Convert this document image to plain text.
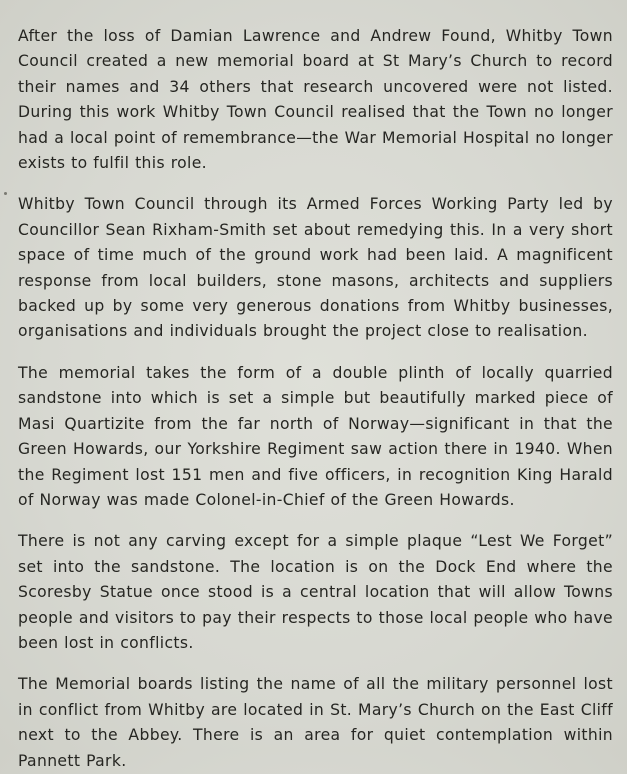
After the loss of Damian Lawrence and Andrew Found, Whitby Town Council created a new memorial board at St Mary’s Church to record their names and 34 others that research uncovered were not listed. During this work Whitby Town Council realised that the Town no longer had a local point of remembrance—the War Memorial Hospital no longer exists to fulfil this role.

Whitby Town Council through its Armed Forces Working Party led by Councillor Sean Rixham-Smith set about remedying this. In a very short space of time much of the ground work had been laid. A magnificent response from local builders, stone masons, architects and suppliers backed up by some very generous donations from Whitby businesses, organisations and individuals brought the project close to realisation.

The memorial takes the form of a double plinth of locally quarried sandstone into which is set a simple but beautifully marked piece of Masi Quartizite from the far north of Norway—significant in that the Green Howards, our Yorkshire Regiment saw action there in 1940. When the Regiment lost 151 men and five officers, in recognition King Harald of Norway was made Colonel-in-Chief of the Green Howards.

There is not any carving except for a simple plaque “Lest We Forget” set into the sandstone. The location is on the Dock End where the Scoresby Statue once stood is a central location that will allow Towns people and visitors to pay their respects to those local people who have been lost in conflicts.

The Memorial boards listing the name of all the military personnel lost in conflict from Whitby are located in St. Mary’s Church on the East Cliff next to the Abbey. There is an area for quiet contemplation within Pannett Park.
